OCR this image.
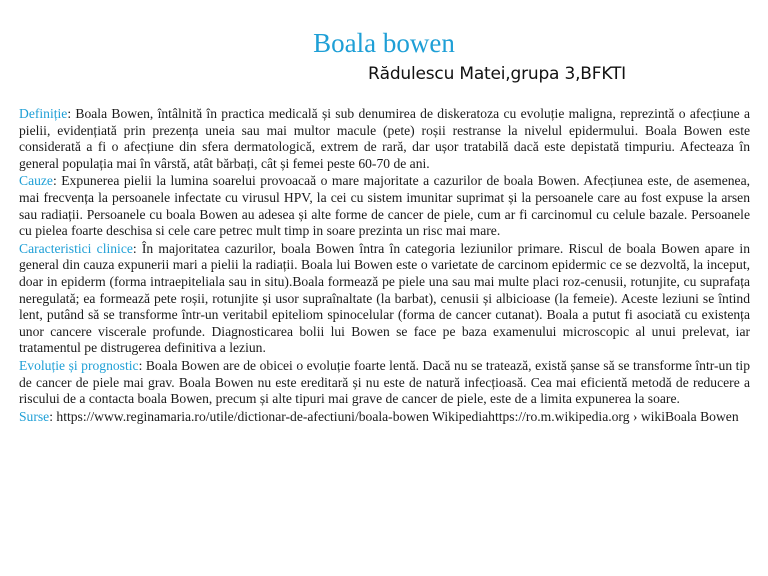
Boala bowen
Rădulescu Matei,grupa 3,BFKTI

Definiție: Boala Bowen, întâlnită în practica medicală și sub denumirea de diskeratoza cu evoluție maligna, reprezintă o afecțiune a pielii, evidențiată prin prezența uneia sau mai multor macule (pete) roșii restranse la nivelul epidermului. Boala Bowen este considerată a fi o afecțiune din sfera dermatologică, extrem de rară, dar ușor tratabilă dacă este depistată timpuriu. Afecteaza în general populația mai în vârstă, atât bărbați, cât și femei peste 60-70 de ani.

Cauze: Expunerea pielii la lumina soarelui provoacaă o mare majoritate a cazurilor de boala Bowen. Afecțiunea este, de asemenea, mai frecvența la persoanele infectate cu virusul HPV, la cei cu sistem imunitar suprimat și la persoanele care au fost expuse la arsen sau radiații. Persoanele cu boala Bowen au adesea și alte forme de cancer de piele, cum ar fi carcinomul cu celule bazale. Persoanele cu pielea foarte deschisa si cele care petrec mult timp in soare prezinta un risc mai mare.

Caracteristici clinice: În majoritatea cazurilor, boala Bowen întra în categoria leziunilor primare. Riscul de boala Bowen apare in general din cauza expunerii mari a pielii la radiații. Boala lui Bowen este o varietate de carcinom epidermic ce se dezvoltă, la inceput, doar in epiderm (forma intraepiteliala sau in situ).Boala formează pe piele una sau mai multe placi roz-cenusii, rotunjite, cu suprafața neregulată; ea formează pete roșii, rotunjite și usor supraînaltate (la barbat), cenusii și albicioase (la femeie). Aceste leziuni se întind lent, putând să se transforme într-un veritabil epiteliom spinocelular (forma de cancer cutanat). Boala a putut fi asociată cu existența unor cancere viscerale profunde. Diagnosticarea bolii lui Bowen se face pe baza examenului microscopic al unui prelevat, iar tratamentul pe distrugerea definitiva a leziun.

Evoluție și prognostic: Boala Bowen are de obicei o evoluție foarte lentă. Dacă nu se tratează, există șanse să se transforme într-un tip de cancer de piele mai grav. Boala Bowen nu este ereditară și nu este de natură infecțioasă. Cea mai eficientă metodă de reducere a riscului de a contacta boala Bowen, precum și alte tipuri mai grave de cancer de piele, este de a limita expunerea la soare.

Surse: https://www.reginamaria.ro/utile/dictionar-de-afectiuni/boala-bowen Wikipediahttps://ro.m.wikipedia.org › wikiBoala Bowen
